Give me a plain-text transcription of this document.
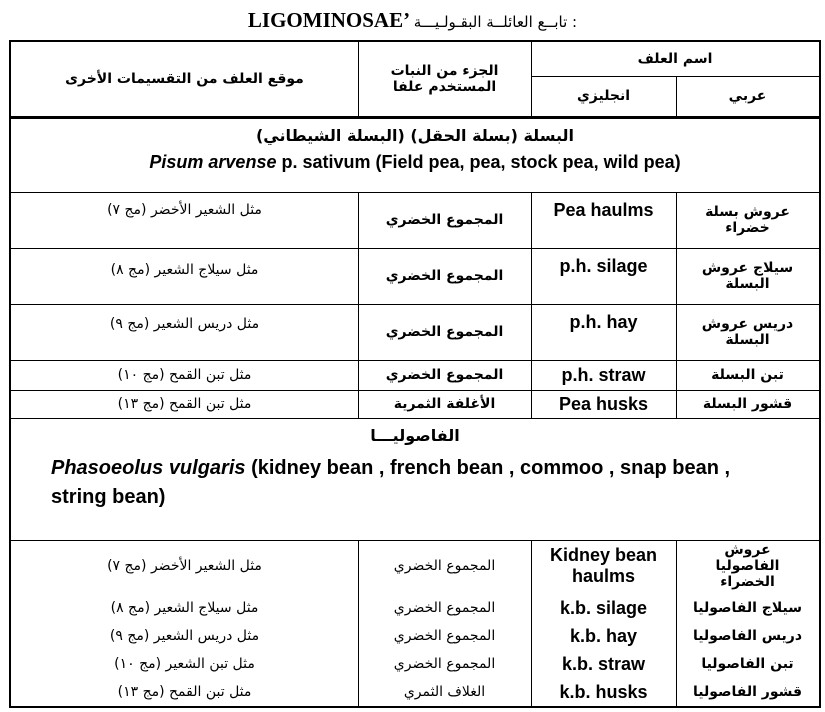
LIGOMINOSAE’ تابــع العائلــة البقـولـيـــة :
اسم العلف
عربي
انجليزي
الجزء من النبات المستخدم علفا
موقع العلف من التقسيمات الأخرى
البسلة (بسلة الحقل) (البسلة الشيطاني)
Pisum arvense p. sativum (Field pea, pea, stock pea, wild pea)
عروش بسلة خضراء
Pea haulms
المجموع الخضري
مثل الشعير الأخضر (مج ٧)
سيلاج عروش البسلة
p.h. silage
المجموع الخضري
مثل سيلاج الشعير (مج ٨)
دريس عروش البسلة
p.h. hay
المجموع الخضري
مثل دريس الشعير (مج ٩)
تبن البسلة
p.h. straw
المجموع الخضري
مثل تبن القمح (مج ١٠)
قشور البسلة
Pea husks
الأغلفة الثمرية
مثل تبن القمح (مج ١٣)
الفاصوليـــا
Phasoeolus vulgaris (kidney bean , french bean , commoo , snap bean , string bean)
عروش الفاصوليا الخضراء
Kidney bean haulms
المجموع الخضري
مثل الشعير الأخضر (مج ٧)
سيلاج الفاصوليا
k.b. silage
المجموع الخضري
مثل سيلاج الشعير (مج ٨)
دريس الفاصوليا
k.b. hay
المجموع الخضري
مثل دريس الشعير (مج ٩)
تبن الفاصوليا
k.b. straw
المجموع الخضري
مثل تبن الشعير (مج ١٠)
قشور الفاصوليا
k.b. husks
الغلاف الثمري
مثل تبن القمح (مج ١٣)
